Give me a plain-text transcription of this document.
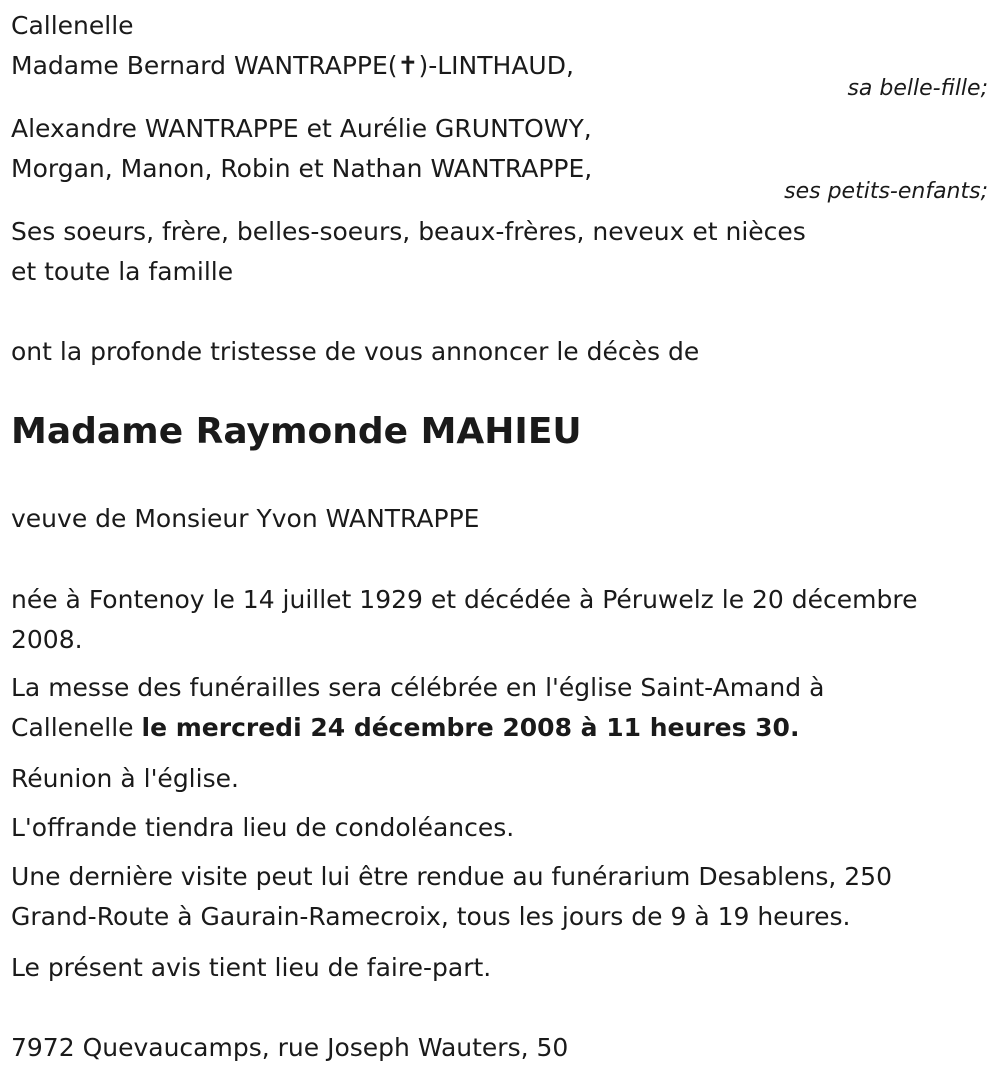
Callenelle
Madame Bernard WANTRAPPE(✝)-LINTHAUD,
sa belle-fille;
Alexandre WANTRAPPE et Aurélie GRUNTOWY,
Morgan, Manon, Robin et Nathan WANTRAPPE,
ses petits-enfants;
Ses soeurs, frère, belles-soeurs, beaux-frères, neveux et nièces
et toute la famille
ont la profonde tristesse de vous annoncer le décès de
Madame Raymonde MAHIEU
veuve de Monsieur Yvon WANTRAPPE
née à Fontenoy le 14 juillet 1929 et décédée à Péruwelz le 20 décembre
2008.
La messe des funérailles sera célébrée en l'église Saint-Amand à
Callenelle le mercredi 24 décembre 2008 à 11 heures 30.
Réunion à l'église.
L'offrande tiendra lieu de condoléances.
Une dernière visite peut lui être rendue au funérarium Desablens, 250
Grand-Route à Gaurain-Ramecroix, tous les jours de 9 à 19 heures.
Le présent avis tient lieu de faire-part.
7972 Quevaucamps, rue Joseph Wauters, 50
